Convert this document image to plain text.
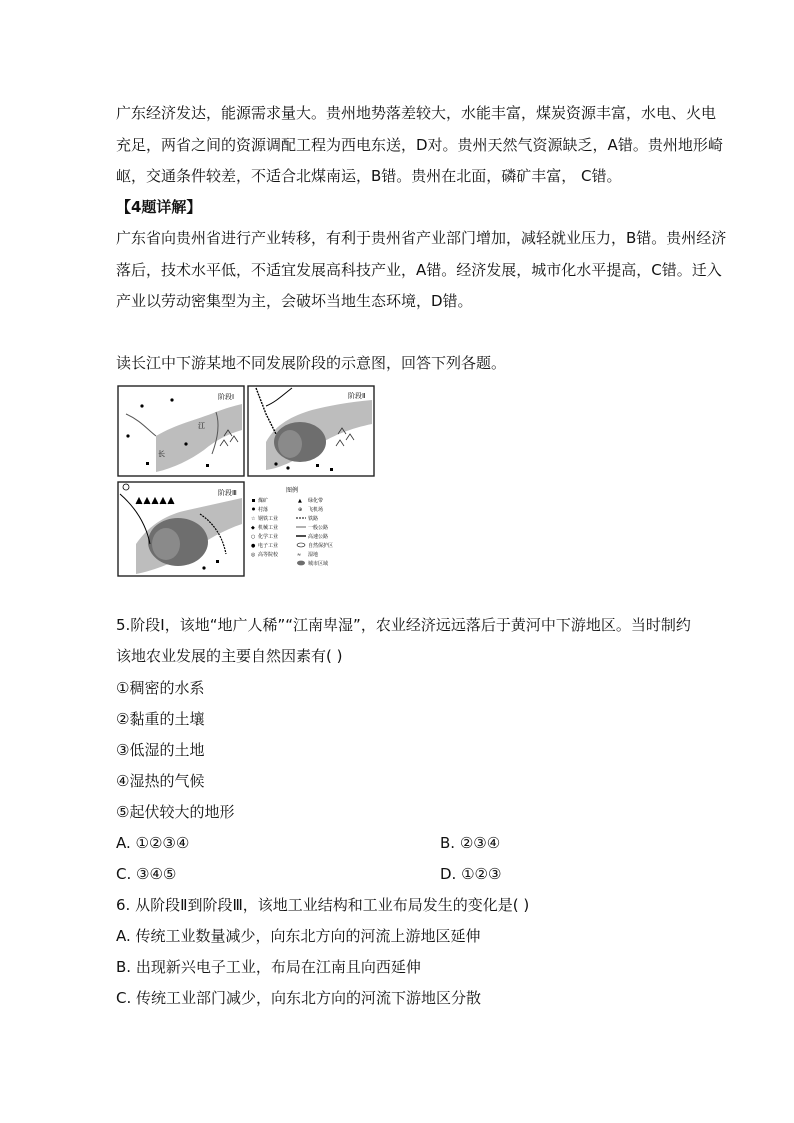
广东经济发达，能源需求量大。贵州地势落差较大，水能丰富，煤炭资源丰富，水电、火电
充足，两省之间的资源调配工程为西电东送，D对。贵州天然气资源缺乏，A错。贵州地形崎
岖，交通条件较差，不适合北煤南运，B错。贵州在北面，磷矿丰富， C错。
【4题详解】
广东省向贵州省进行产业转移，有利于贵州省产业部门增加，减轻就业压力，B错。贵州经济
落后，技术水平低，不适宜发展高科技产业，A错。经济发展，城市化水平提高，C错。迁入
产业以劳动密集型为主，会破坏当地生态环境，D错。
读长江中下游某地不同发展阶段的示意图，回答下列各题。
阶段Ⅰ
江
长
阶段Ⅱ
阶段Ⅲ	图例
煤矿
村落
☆ 钢铁工业
◆ 机械工业
○ 化学工业
● 电子工业
◎ 高等院校
▲ 绿化带
⊕ 飞机场
铁路
一般公路
高速公路
自然保护区
≈ 湿地
城市区域
5.阶段Ⅰ，该地“地广人稀”“江南卑湿”，农业经济远远落后于黄河中下游地区。当时制约
该地农业发展的主要自然因素有( )
①稠密的水系
②黏重的土壤
③低湿的土地
④湿热的气候
⑤起伏较大的地形
A. ①②③④	B. ②③④
C. ③④⑤	D. ①②③
6. 从阶段Ⅱ到阶段Ⅲ，该地工业结构和工业布局发生的变化是( )
A. 传统工业数量减少，向东北方向的河流上游地区延伸
B. 出现新兴电子工业，布局在江南且向西延伸
C. 传统工业部门减少，向东北方向的河流下游地区分散
